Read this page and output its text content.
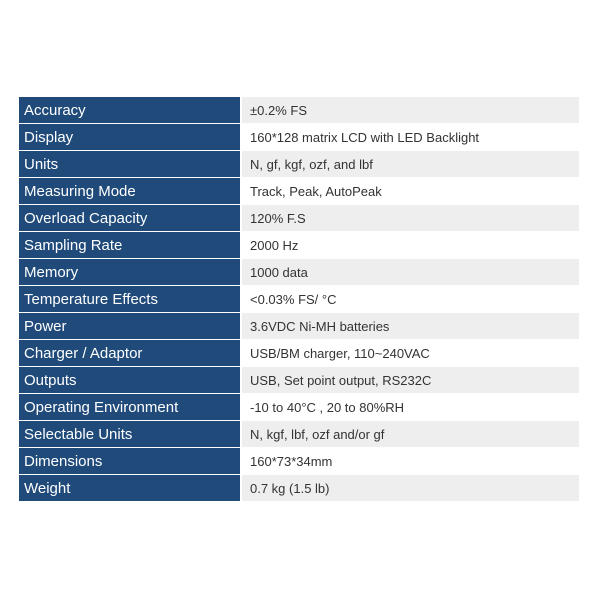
Accuracy	±0.2% FS
Display	160*128 matrix LCD with LED Backlight
Units	N, gf, kgf, ozf, and lbf
Measuring Mode	Track, Peak, AutoPeak
Overload Capacity	120% F.S
Sampling Rate	2000 Hz
Memory	1000 data
Temperature Effects	<0.03% FS/ °C
Power	3.6VDC Ni-MH batteries
Charger / Adaptor	USB/BM charger, 110~240VAC
Outputs	USB, Set point output, RS232C
Operating Environment	-10 to 40°C , 20 to 80%RH
Selectable Units	N, kgf, lbf, ozf and/or gf
Dimensions	160*73*34mm
Weight	0.7 kg (1.5 lb)
